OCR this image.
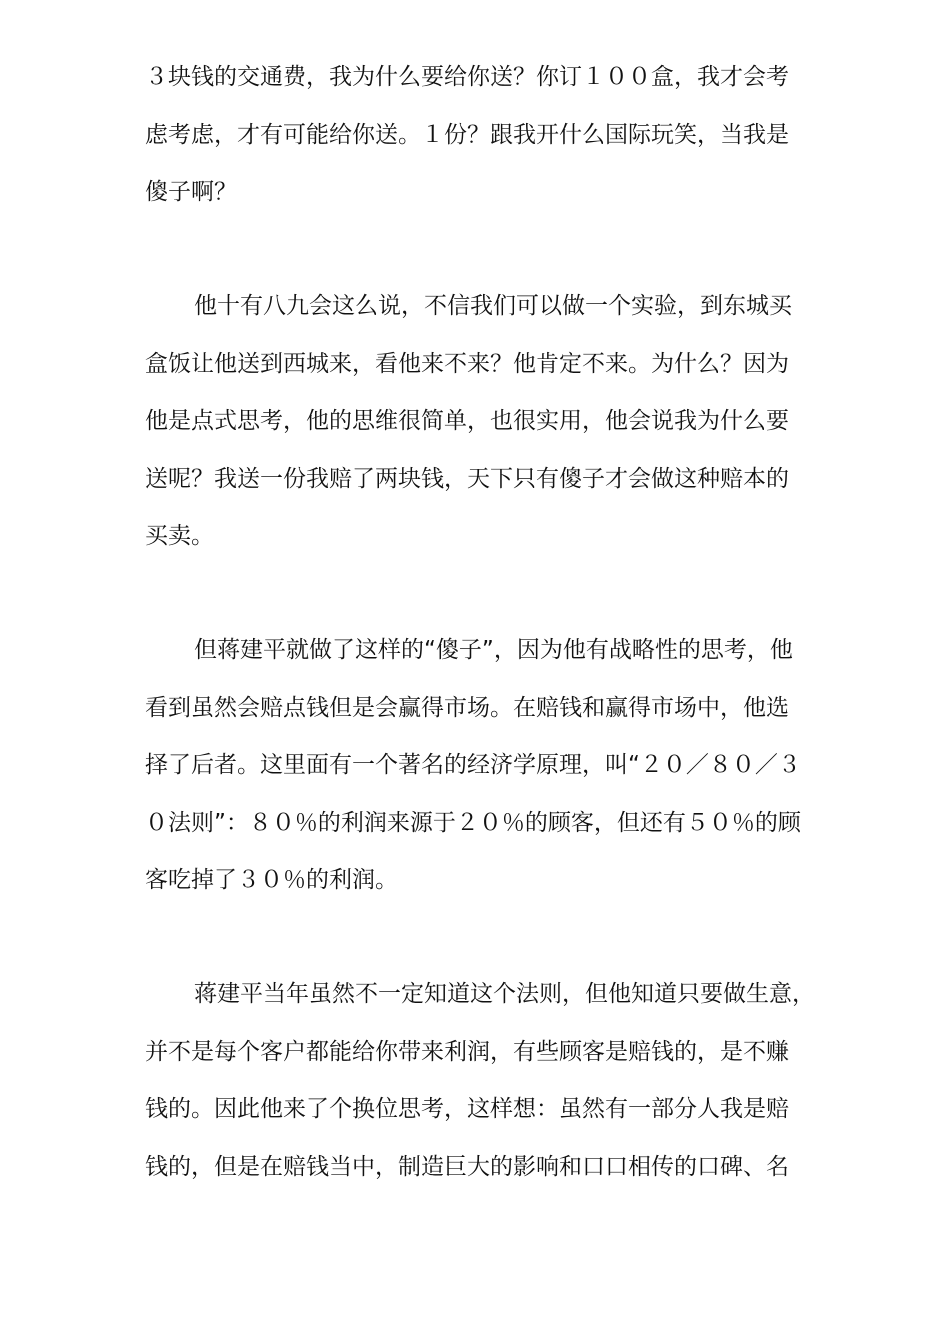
３块钱的交通费，我为什么要给你送？你订１００盒，我才会考
虑考虑，才有可能给你送。１份？跟我开什么国际玩笑，当我是
傻子啊？
他十有八九会这么说，不信我们可以做一个实验，到东城买
盒饭让他送到西城来，看他来不来？他肯定不来。为什么？因为
他是点式思考，他的思维很简单，也很实用，他会说我为什么要
送呢？我送一份我赔了两块钱，天下只有傻子才会做这种赔本的
买卖。
但蒋建平就做了这样的“傻子”，因为他有战略性的思考，他
看到虽然会赔点钱但是会赢得市场。在赔钱和赢得市场中，他选
择了后者。这里面有一个著名的经济学原理，叫“２０／８０／３
０法则”：８０％的利润来源于２０％的顾客，但还有５０％的顾
客吃掉了３０％的利润。
蒋建平当年虽然不一定知道这个法则，但他知道只要做生意，
并不是每个客户都能给你带来利润，有些顾客是赔钱的，是不赚
钱的。因此他来了个换位思考，这样想：虽然有一部分人我是赔
钱的，但是在赔钱当中，制造巨大的影响和口口相传的口碑、名
